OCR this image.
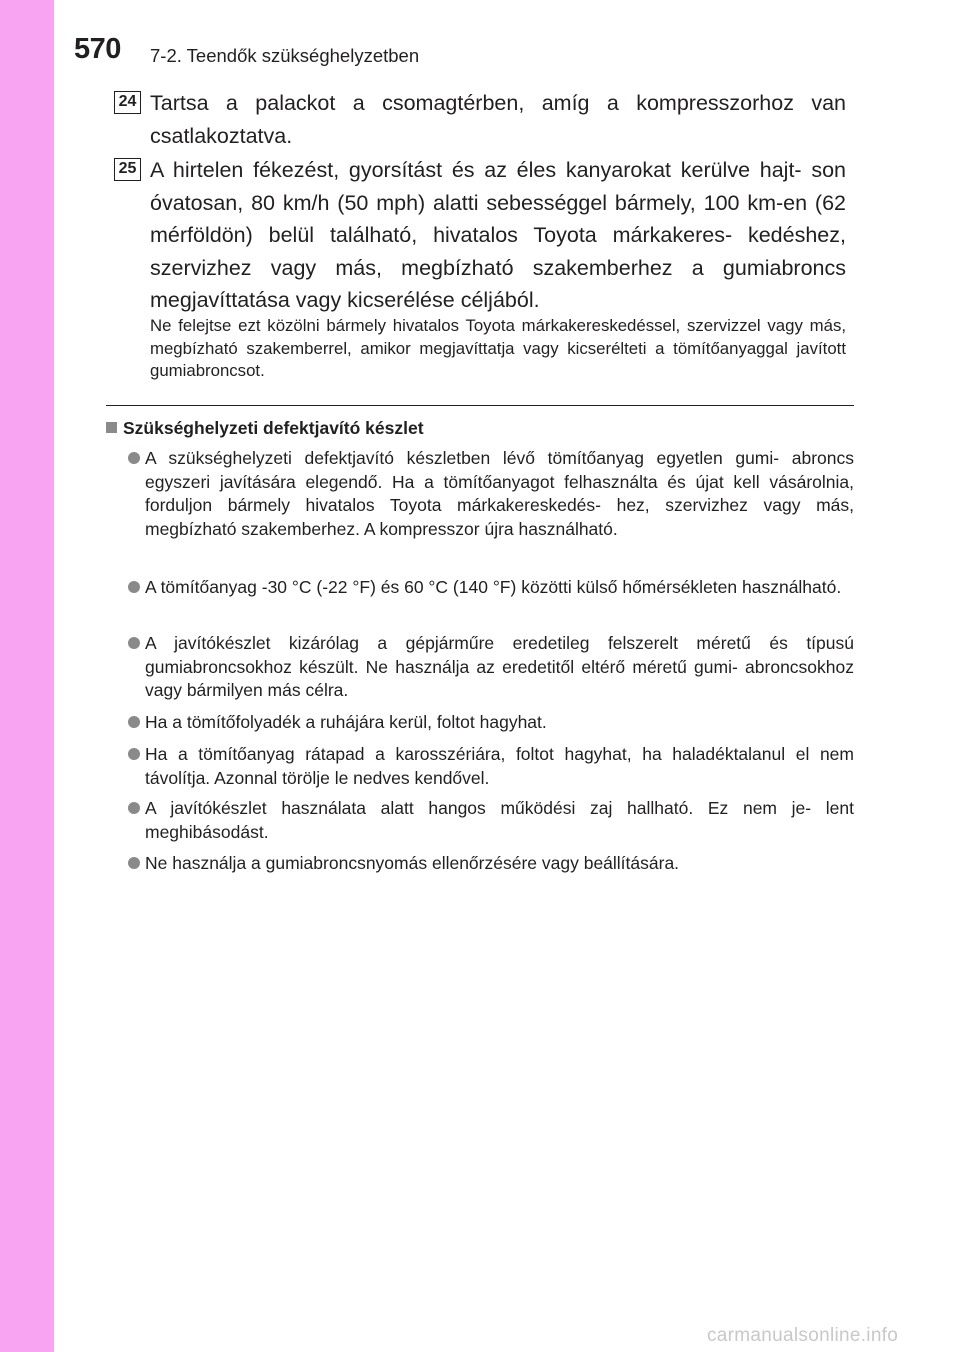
570 7-2. Teendők szükséghelyzetben
24 Tartsa a palackot a csomagtérben, amíg a kompresszorhoz van csatlakoztatva.

25 A hirtelen fékezést, gyorsítást és az éles kanyarokat kerülve hajt- son óvatosan, 80 km/h (50 mph) alatti sebességgel bármely, 100 km-en (62 mérföldön) belül található, hivatalos Toyota márkakeres- kedéshez, szervizhez vagy más, megbízható szakemberhez a gumiabroncs megjavíttatása vagy kicserélése céljából.

Ne felejtse ezt közölni bármely hivatalos Toyota márkakereskedéssel, szervizzel vagy más, megbízható szakemberrel, amikor megjavíttatja vagy kicserélteti a tömítőanyaggal javított gumiabroncsot.

Szükséghelyzeti defektjavító készlet
A szükséghelyzeti defektjavító készletben lévő tömítőanyag egyetlen gumi- abroncs egyszeri javítására elegendő. Ha a tömítőanyagot felhasználta és újat kell vásárolnia, forduljon bármely hivatalos Toyota márkakereskedés- hez, szervizhez vagy más, megbízható szakemberhez. A kompresszor újra használható.
A tömítőanyag -30 °C (-22 °F) és 60 °C (140 °F) közötti külső hőmérsékleten használható.
A javítókészlet kizárólag a gépjárműre eredetileg felszerelt méretű és típusú gumiabroncsokhoz készült. Ne használja az eredetitől eltérő méretű gumi- abroncsokhoz vagy bármilyen más célra.
Ha a tömítőfolyadék a ruhájára kerül, foltot hagyhat.
Ha a tömítőanyag rátapad a karosszériára, foltot hagyhat, ha haladéktalanul el nem távolítja. Azonnal törölje le nedves kendővel.
A javítókészlet használata alatt hangos működési zaj hallható. Ez nem je- lent meghibásodást.
Ne használja a gumiabroncsnyomás ellenőrzésére vagy beállítására.
carmanualsonline.info
